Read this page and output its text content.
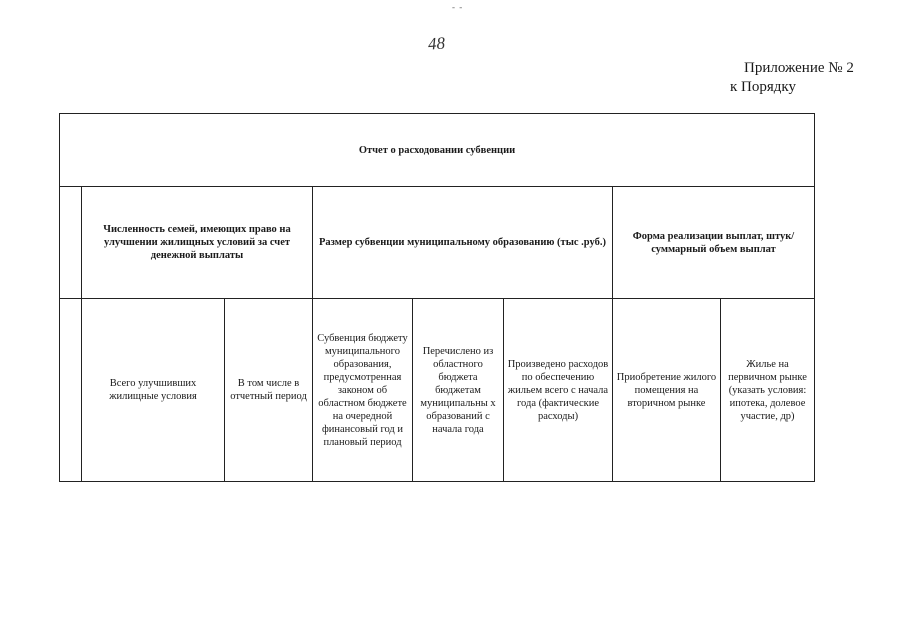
- -
48
Приложение № 2
к Порядку
Отчет о расходовании субвенции							
	Численность семей, имеющих право на улучшении жилищных условий за счет денежной выплаты		Размер субвенции муниципальному образованию (тыс .руб.)			Форма реализации выплат, штук/ суммарный объем выплат	
	Всего улучшивших жилищные условия	В том числе в отчетный период	Субвенция бюджету муниципального образования, предусмотренная законом об областном бюджете на очередной финансовый год и плановый период	Перечислено из областного бюджета бюджетам муниципальны х образований с начала года	Произведено расходов по обеспечению жильем всего с начала года (фактические расходы)	Приобретение жилого помещения на вторичном рынке	Жилье на первичном рынке (указать условия: ипотека, долевое участие, др)
